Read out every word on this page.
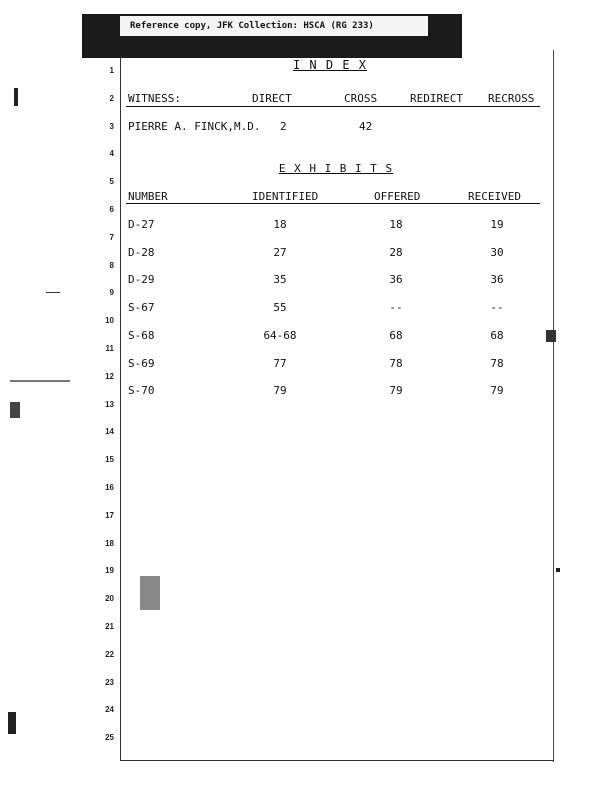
Reference copy, JFK Collection: HSCA (RG 233)
1
2
3
4
5
6
7
8
9
10
11
12
13
14
15
16
17
18
19
20
21
22
23
24
25
I N D E X
WITNESS:	DIRECT	CROSS	REDIRECT RECROSS
PIERRE A. FINCK,M.D. 2	42
E X H I B I T S
NUMBER	IDENTIFIED	OFFERED	RECEIVED
D-27	18	18	19
D-28	27	28	30
D-29	35	36	36
S-67	55	--	--
S-68	64-68	68	68
S-69	77	78	78
S-70	79	79	79
